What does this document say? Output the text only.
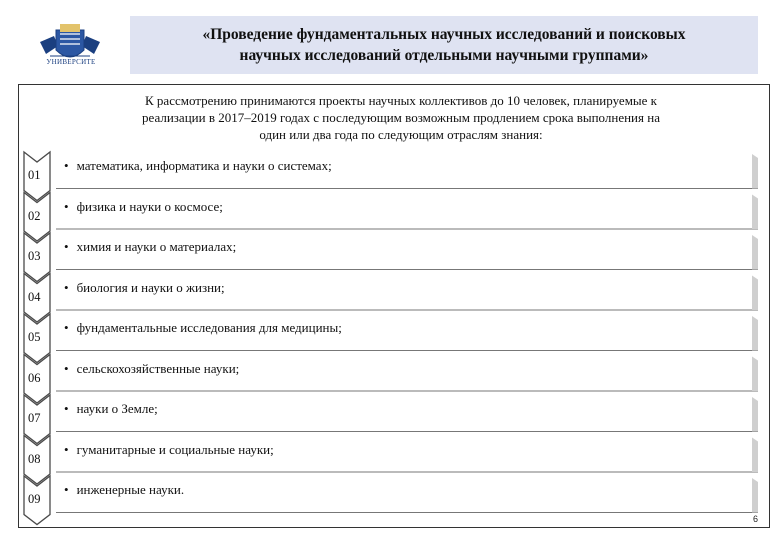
УНИВЕРСИТЕ
«Проведение фундаментальных научных исследований и поисковых
научных исследований отдельными научными группами»

К рассмотрению принимаются проекты научных коллективов до 10 человек, планируемые к

реализации в 2017–2019 годах с последующим возможным продлением срока выполнения на

один или два года по следующим отраслям знания:

01
• математика, информатика и науки о системах;
02
• физика и науки о космосе;
03
• химия и науки о материалах;
04
• биология и науки о жизни;
05
• фундаментальные исследования для медицины;
06
• сельскохозяйственные науки;
07
• науки о Земле;
08
• гуманитарные и социальные науки;
09
• инженерные науки.
6
